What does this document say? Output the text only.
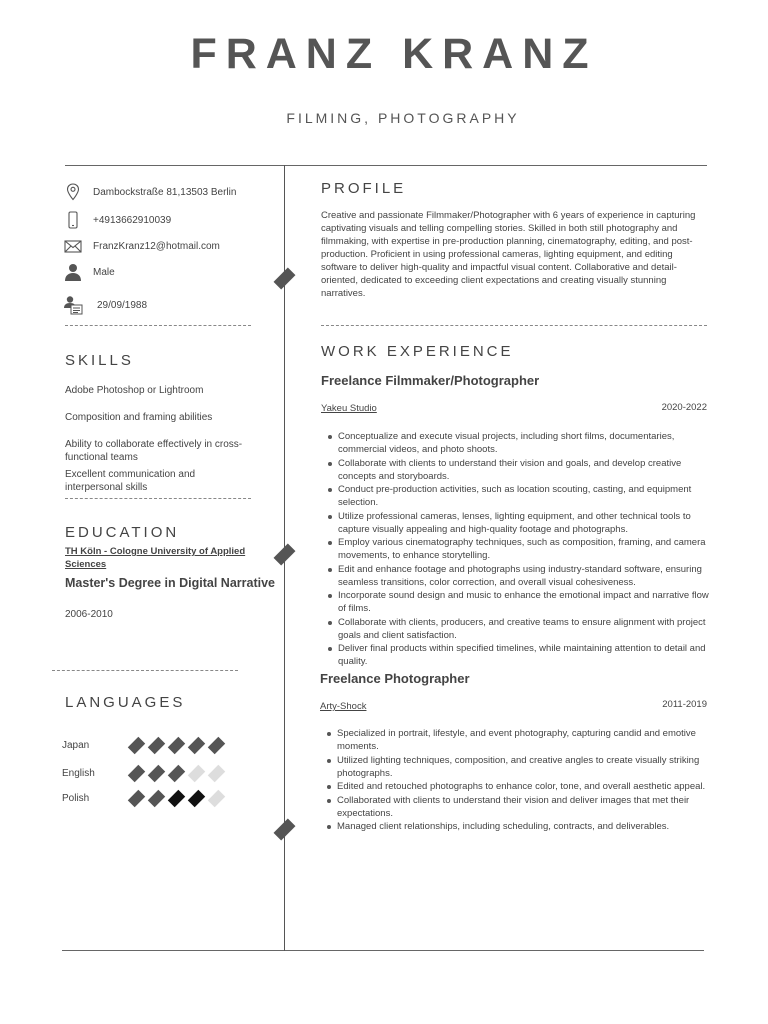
FRANZ KRANZ
FILMING, PHOTOGRAPHY
Dambockstraße 81,13503 Berlin
+4913662910039
FranzKranz12@hotmail.com
Male
29/09/1988
SKILLS
Adobe Photoshop or Lightroom
Composition and framing abilities
Ability to collaborate effectively in cross-functional teams
Excellent communication and interpersonal skills
EDUCATION
TH Köln - Cologne University of Applied Sciences
Master's Degree in Digital Narrative
2006-2010
LANGUAGES
Japan
English
Polish
PROFILE
Creative and passionate Filmmaker/Photographer with 6 years of experience in capturing captivating visuals and telling compelling stories. Skilled in both still photography and filmmaking, with expertise in pre-production planning, cinematography, editing, and post-production. Proficient in using professional cameras, lighting equipment, and editing software to deliver high-quality and impactful visual content. Collaborative and detail-oriented, dedicated to exceeding client expectations and creating visually stunning narratives.
WORK EXPERIENCE
Freelance Filmmaker/Photographer
Yakeu Studio	2020-2022
Conceptualize and execute visual projects, including short films, documentaries, commercial videos, and photo shoots.
Collaborate with clients to understand their vision and goals, and develop creative concepts and storyboards.
Conduct pre-production activities, such as location scouting, casting, and equipment selection.
Utilize professional cameras, lenses, lighting equipment, and other technical tools to capture visually appealing and high-quality footage and photographs.
Employ various cinematography techniques, such as composition, framing, and camera movements, to enhance storytelling.
Edit and enhance footage and photographs using industry-standard software, ensuring seamless transitions, color correction, and overall visual cohesiveness.
Incorporate sound design and music to enhance the emotional impact and narrative flow of films.
Collaborate with clients, producers, and creative teams to ensure alignment with project goals and client satisfaction.
Deliver final products within specified timelines, while maintaining attention to detail and quality.
Freelance Photographer
Arty-Shock	2011-2019
Specialized in portrait, lifestyle, and event photography, capturing candid and emotive moments.
Utilized lighting techniques, composition, and creative angles to create visually striking photographs.
Edited and retouched photographs to enhance color, tone, and overall aesthetic appeal.
Collaborated with clients to understand their vision and deliver images that met their expectations.
Managed client relationships, including scheduling, contracts, and deliverables.
